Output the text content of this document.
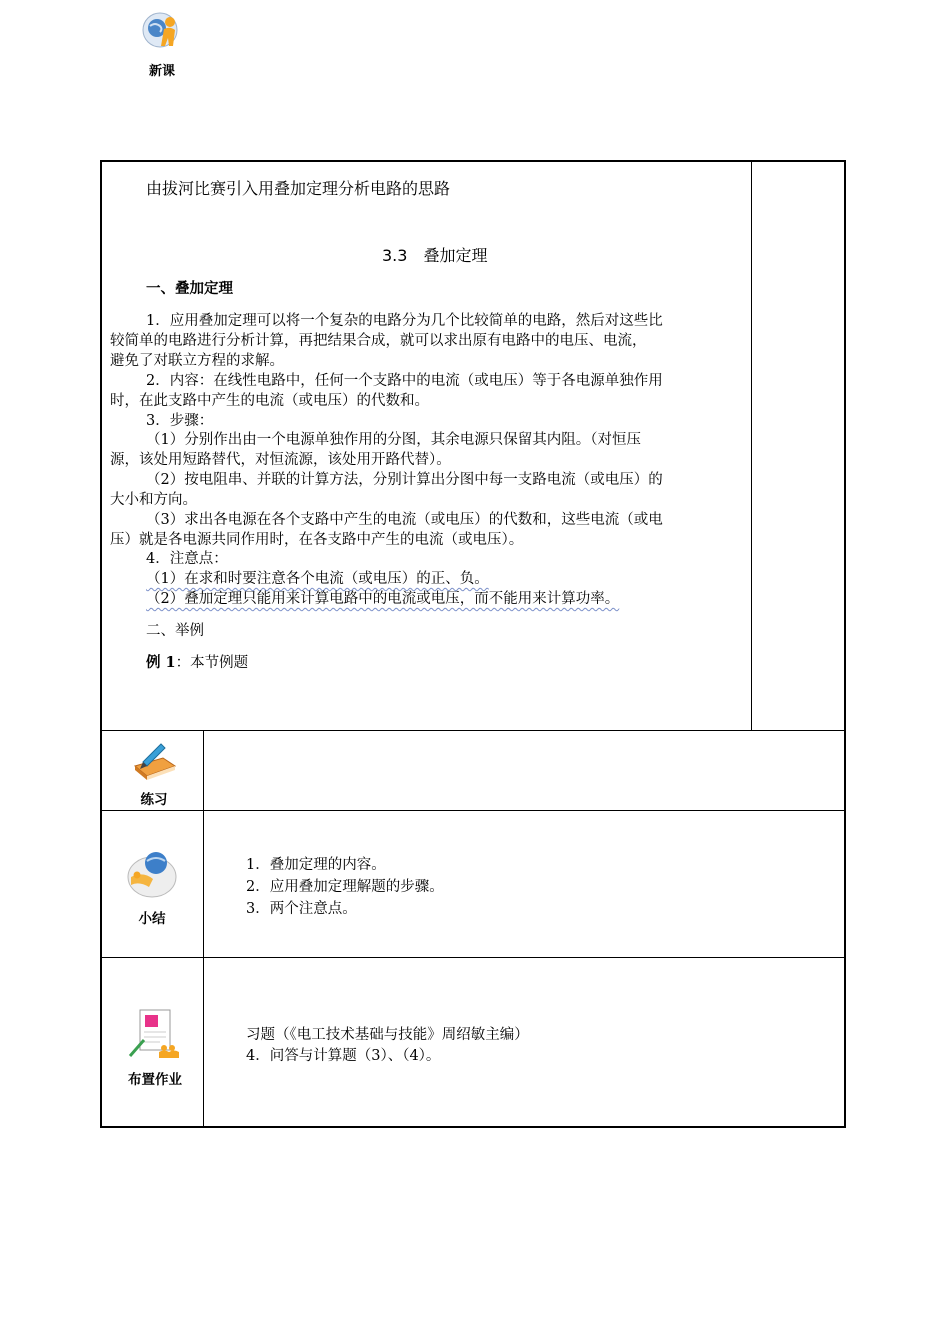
新课
由拔河比赛引入用叠加定理分析电路的思路
3.3　叠加定理
一、叠加定理
1．应用叠加定理可以将一个复杂的电路分为几个比较简单的电路，然后对这些比
较简单的电路进行分析计算，再把结果合成，就可以求出原有电路中的电压、电流，
避免了对联立方程的求解。
2．内容：在线性电路中，任何一个支路中的电流（或电压）等于各电源单独作用
时，在此支路中产生的电流（或电压）的代数和。
3．步骤：
（1）分别作出由一个电源单独作用的分图，其余电源只保留其内阻。（对恒压
源，该处用短路替代，对恒流源，该处用开路代替）。
（2）按电阻串、并联的计算方法，分别计算出分图中每一支路电流（或电压）的
大小和方向。
（3）求出各电源在各个支路中产生的电流（或电压）的代数和，这些电流（或电
压）就是各电源共同作用时，在各支路中产生的电流（或电压）。
4．注意点：
（1）在求和时要注意各个电流（或电压）的正、负。
（2）叠加定理只能用来计算电路中的电流或电压，而不能用来计算功率。
二、举例
例 1：本节例题
练习
小结
1．叠加定理的内容。
2．应用叠加定理解题的步骤。
3．两个注意点。
布置作业
习题（《电工技术基础与技能》周绍敏主编）
4．问答与计算题（3）、（4）。
